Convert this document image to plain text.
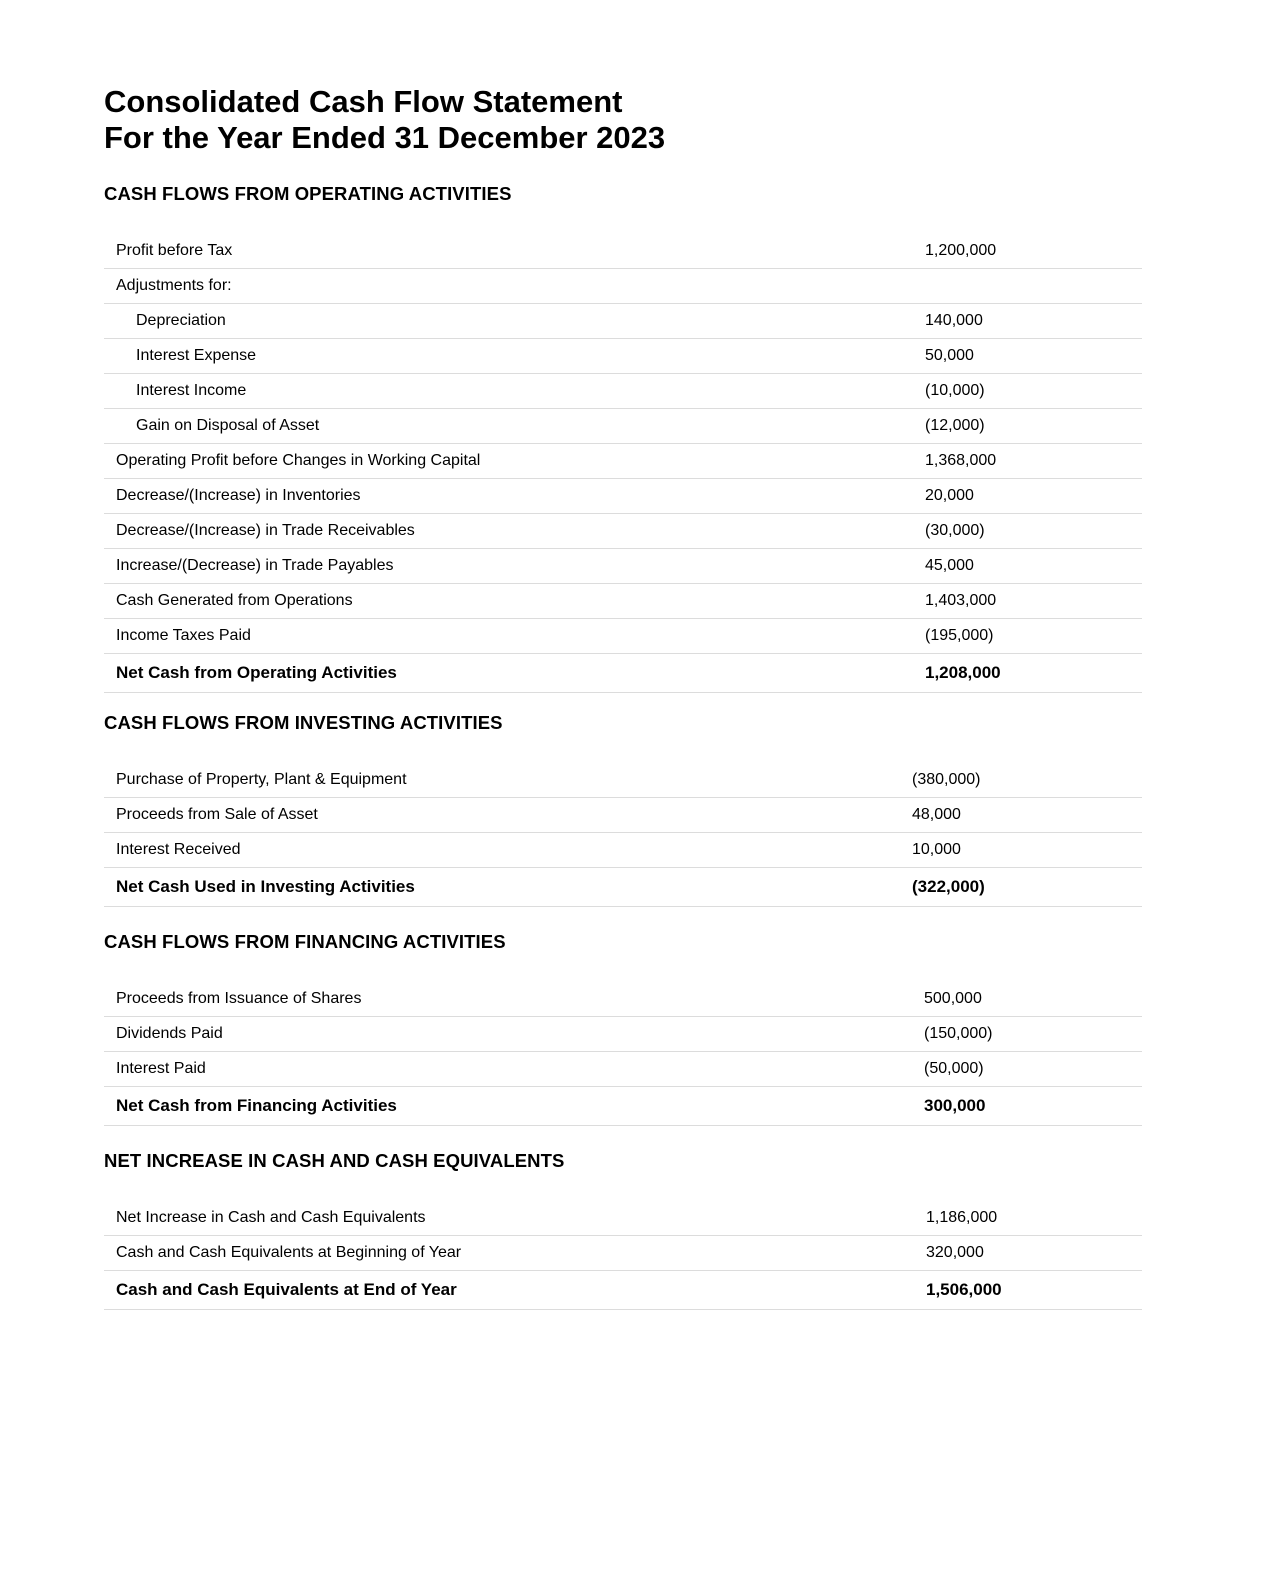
Consolidated Cash Flow Statement
For the Year Ended 31 December 2023
CASH FLOWS FROM OPERATING ACTIVITIES
Profit before Tax	1,200,000
Adjustments for:	
Depreciation	140,000
Interest Expense	50,000
Interest Income	(10,000)
Gain on Disposal of Asset	(12,000)
Operating Profit before Changes in Working Capital	1,368,000
Decrease/(Increase) in Inventories	20,000
Decrease/(Increase) in Trade Receivables	(30,000)
Increase/(Decrease) in Trade Payables	45,000
Cash Generated from Operations	1,403,000
Income Taxes Paid	(195,000)
Net Cash from Operating Activities	1,208,000
CASH FLOWS FROM INVESTING ACTIVITIES
Purchase of Property, Plant & Equipment	(380,000)
Proceeds from Sale of Asset	48,000
Interest Received	10,000
Net Cash Used in Investing Activities	(322,000)
CASH FLOWS FROM FINANCING ACTIVITIES
Proceeds from Issuance of Shares	500,000
Dividends Paid	(150,000)
Interest Paid	(50,000)
Net Cash from Financing Activities	300,000
NET INCREASE IN CASH AND CASH EQUIVALENTS
Net Increase in Cash and Cash Equivalents	1,186,000
Cash and Cash Equivalents at Beginning of Year	320,000
Cash and Cash Equivalents at End of Year	1,506,000
